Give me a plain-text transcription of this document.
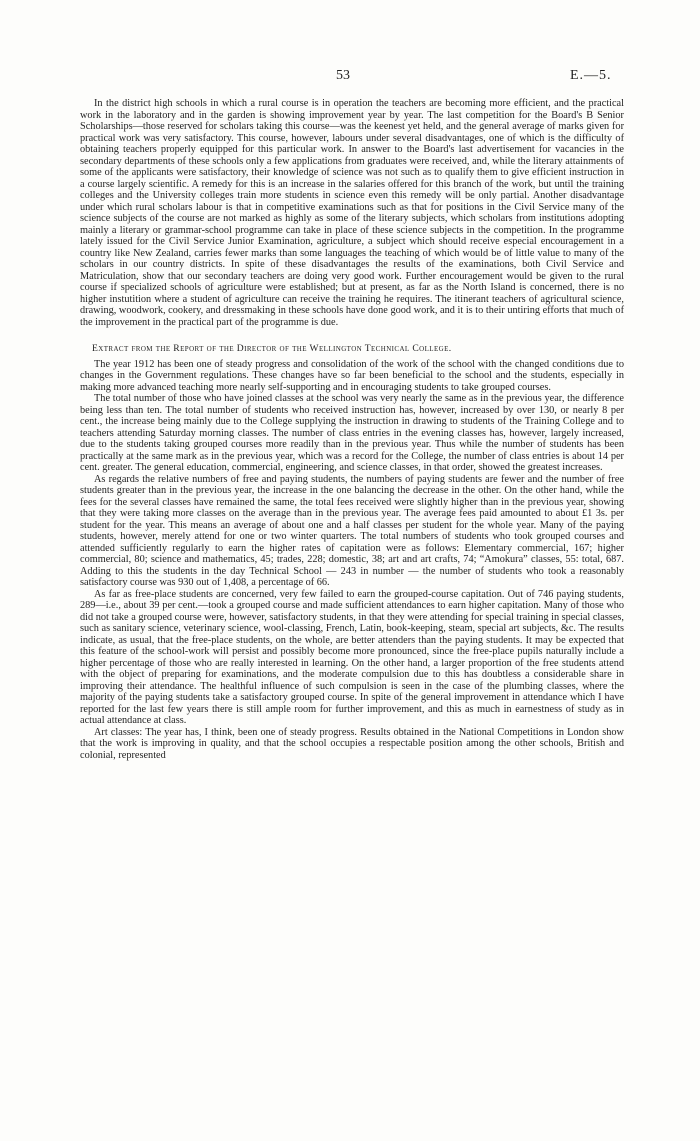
53	E.—5.

In the district high schools in which a rural course is in operation the teachers are becoming more efficient, and the practical work in the laboratory and in the garden is showing improvement year by year. The last competition for the Board's B Senior Scholarships—those reserved for scholars taking this course—was the keenest yet held, and the general average of marks given for practical work was very satisfactory. This course, however, labours under several disadvantages, one of which is the difficulty of obtaining teachers properly equipped for this particular work. In answer to the Board's last advertisement for vacancies in the secondary departments of these schools only a few applications from graduates were received, and, while the literary attainments of some of the applicants were satisfactory, their knowledge of science was not such as to qualify them to give efficient instruction in a course largely scientific. A remedy for this is an increase in the salaries offered for this branch of the work, but until the training colleges and the University colleges train more students in science even this remedy will be only partial. Another disadvantage under which rural scholars labour is that in competitive examinations such as that for positions in the Civil Service many of the science subjects of the course are not marked as highly as some of the literary subjects, which scholars from institutions adopting mainly a literary or grammar-school programme can take in place of these science subjects in the competition. In the programme lately issued for the Civil Service Junior Examination, agriculture, a subject which should receive especial encouragement in a country like New Zealand, carries fewer marks than some languages the teaching of which would be of little value to many of the scholars in our country districts. In spite of these disadvantages the results of the examinations, both Civil Service and Matriculation, show that our secondary teachers are doing very good work. Further encouragement would be given to the rural course if specialized schools of agriculture were established; but at present, as far as the North Island is concerned, there is no higher instutition where a student of agriculture can receive the training he requires. The itinerant teachers of agricultural science, drawing, woodwork, cookery, and dressmaking in these schools have done good work, and it is to their untiring efforts that much of the improvement in the practical part of the programme is due.

Extract from the Report of the Director of the Wellington Technical College.

The year 1912 has been one of steady progress and consolidation of the work of the school with the changed conditions due to changes in the Government regulations. These changes have so far been beneficial to the school and the students, especially in making more advanced teaching more nearly self-supporting and in encouraging students to take grouped courses.

The total number of those who have joined classes at the school was very nearly the same as in the previous year, the difference being less than ten. The total number of students who received instruction has, however, increased by over 130, or nearly 8 per cent., the increase being mainly due to the College supplying the instruction in drawing to students of the Training College and to teachers attending Saturday morning classes. The number of class entries in the evening classes has, however, largely increased, due to the students taking grouped courses more readily than in the previous year. Thus while the number of students has been practically at the same mark as in the previous year, which was a record for the College, the number of class entries is about 14 per cent. greater. The general education, commercial, engineering, and science classes, in that order, showed the greatest increases.

As regards the relative numbers of free and paying students, the numbers of paying students are fewer and the number of free students greater than in the previous year, the increase in the one balancing the decrease in the other. On the other hand, while the fees for the several classes have remained the same, the total fees received were slightly higher than in the previous year, showing that they were taking more classes on the average than in the previous year. The average fees paid amounted to about £1 3s. per student for the year. This means an average of about one and a half classes per student for the whole year. Many of the paying students, however, merely attend for one or two winter quarters. The total numbers of students who took grouped courses and attended sufficiently regularly to earn the higher rates of capitation were as follows: Elementary commercial, 167; higher commercial, 80; science and mathematics, 45; trades, 228; domestic, 38; art and art crafts, 74; “Amokura” classes, 55: total, 687. Adding to this the students in the day Technical School — 243 in number — the number of students who took a reasonably satisfactory course was 930 out of 1,408, a percentage of 66.

As far as free-place students are concerned, very few failed to earn the grouped-course capitation. Out of 746 paying students, 289—i.e., about 39 per cent.—took a grouped course and made sufficient attendances to earn higher capitation. Many of those who did not take a grouped course were, however, satisfactory students, in that they were attending for special training in special classes, such as sanitary science, veterinary science, wool-classing, French, Latin, book-keeping, steam, special art subjects, &c. The results indicate, as usual, that the free-place students, on the whole, are better attenders than the paying students. It may be expected that this feature of the school-work will persist and possibly become more pronounced, since the free-place pupils naturally include a higher percentage of those who are really interested in learning. On the other hand, a larger proportion of the free students attend with the object of preparing for examinations, and the moderate compulsion due to this has doubtless a considerable share in improving their attendance. The healthful influence of such compulsion is seen in the case of the plumbing classes, where the majority of the paying students take a satisfactory grouped course. In spite of the general improvement in attendance which I have reported for the last few years there is still ample room for further improvement, and this as much in earnestness of study as in actual attendance at class.

Art classes: The year has, I think, been one of steady progress. Results obtained in the National Competitions in London show that the work is improving in quality, and that the school occupies a respectable position among the other schools, British and colonial, represented
